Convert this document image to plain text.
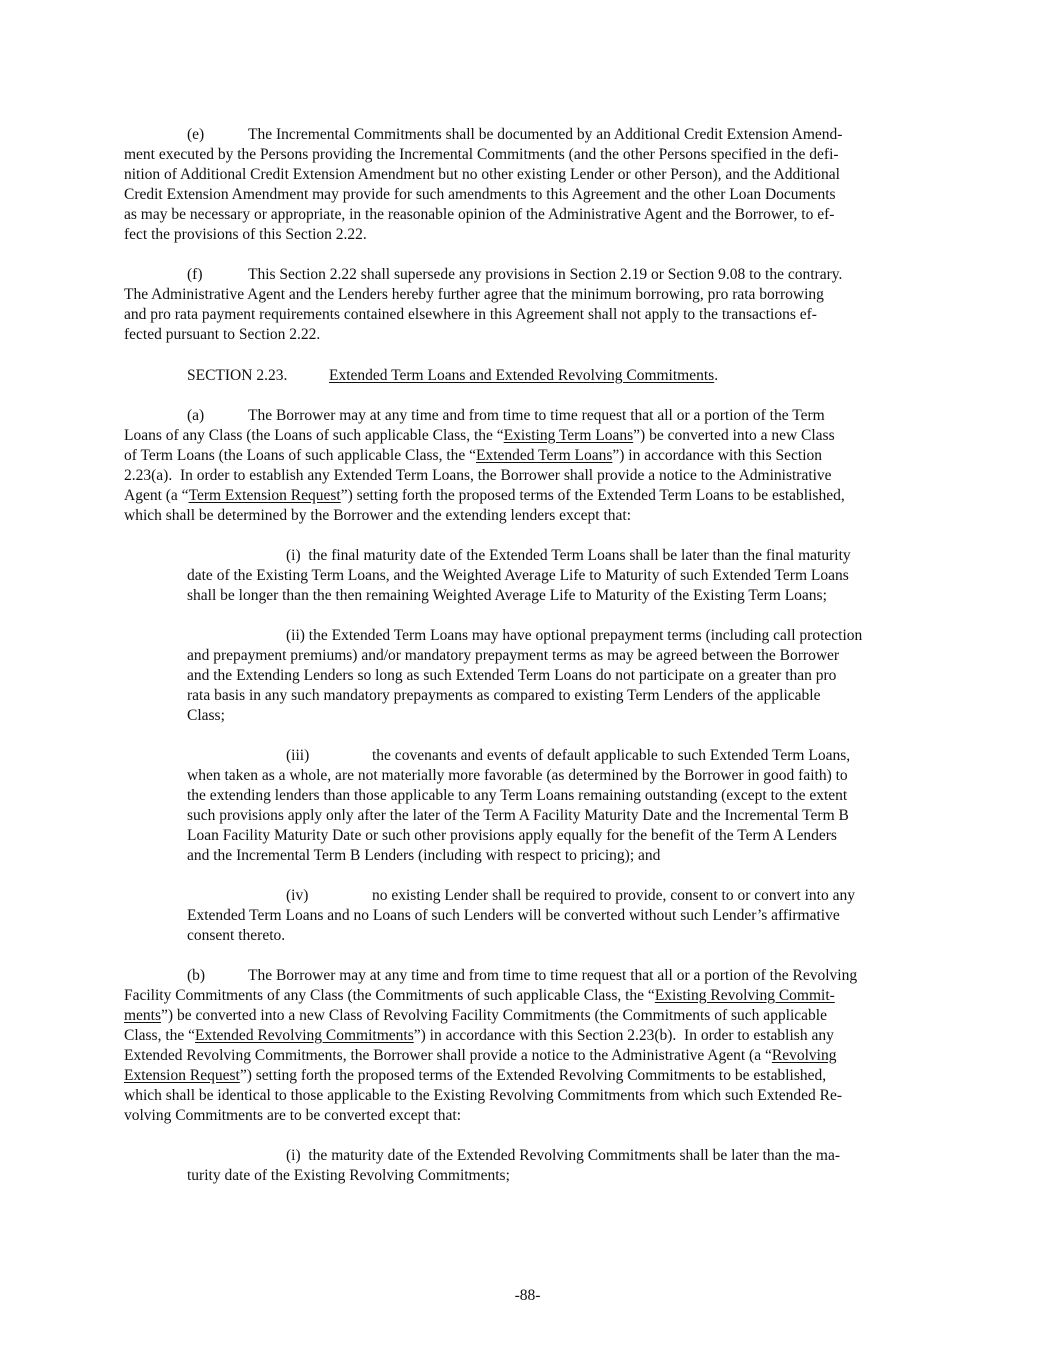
(e)	The Incremental Commitments shall be documented by an Additional Credit Extension Amend-
ment executed by the Persons providing the Incremental Commitments (and the other Persons specified in the defi-
nition of Additional Credit Extension Amendment but no other existing Lender or other Person), and the Additional
Credit Extension Amendment may provide for such amendments to this Agreement and the other Loan Documents
as may be necessary or appropriate, in the reasonable opinion of the Administrative Agent and the Borrower, to ef-
fect the provisions of this Section 2.22.
(f)	This Section 2.22 shall supersede any provisions in Section 2.19 or Section 9.08 to the contrary.
The Administrative Agent and the Lenders hereby further agree that the minimum borrowing, pro rata borrowing
and pro rata payment requirements contained elsewhere in this Agreement shall not apply to the transactions ef-
fected pursuant to Section 2.22.
SECTION 2.23.	Extended Term Loans and Extended Revolving Commitments.
(a)	The Borrower may at any time and from time to time request that all or a portion of the Term
Loans of any Class (the Loans of such applicable Class, the “Existing Term Loans”) be converted into a new Class
of Term Loans (the Loans of such applicable Class, the “Extended Term Loans”) in accordance with this Section
2.23(a).  In order to establish any Extended Term Loans, the Borrower shall provide a notice to the Administrative
Agent (a “Term Extension Request”) setting forth the proposed terms of the Extended Term Loans to be established,
which shall be determined by the Borrower and the extending lenders except that:
(i)  the final maturity date of the Extended Term Loans shall be later than the final maturity
date of the Existing Term Loans, and the Weighted Average Life to Maturity of such Extended Term Loans
shall be longer than the then remaining Weighted Average Life to Maturity of the Existing Term Loans;
(ii) the Extended Term Loans may have optional prepayment terms (including call protection
and prepayment premiums) and/or mandatory prepayment terms as may be agreed between the Borrower
and the Extending Lenders so long as such Extended Term Loans do not participate on a greater than pro
rata basis in any such mandatory prepayments as compared to existing Term Lenders of the applicable
Class;
(iii)	the covenants and events of default applicable to such Extended Term Loans,
when taken as a whole, are not materially more favorable (as determined by the Borrower in good faith) to
the extending lenders than those applicable to any Term Loans remaining outstanding (except to the extent
such provisions apply only after the later of the Term A Facility Maturity Date and the Incremental Term B
Loan Facility Maturity Date or such other provisions apply equally for the benefit of the Term A Lenders
and the Incremental Term B Lenders (including with respect to pricing); and
(iv)	no existing Lender shall be required to provide, consent to or convert into any
Extended Term Loans and no Loans of such Lenders will be converted without such Lender’s affirmative
consent thereto.
(b)	The Borrower may at any time and from time to time request that all or a portion of the Revolving
Facility Commitments of any Class (the Commitments of such applicable Class, the “Existing Revolving Commit-
ments”) be converted into a new Class of Revolving Facility Commitments (the Commitments of such applicable
Class, the “Extended Revolving Commitments”) in accordance with this Section 2.23(b).  In order to establish any
Extended Revolving Commitments, the Borrower shall provide a notice to the Administrative Agent (a “Revolving
Extension Request”) setting forth the proposed terms of the Extended Revolving Commitments to be established,
which shall be identical to those applicable to the Existing Revolving Commitments from which such Extended Re-
volving Commitments are to be converted except that:
(i)  the maturity date of the Extended Revolving Commitments shall be later than the ma-
turity date of the Existing Revolving Commitments;
-88-
